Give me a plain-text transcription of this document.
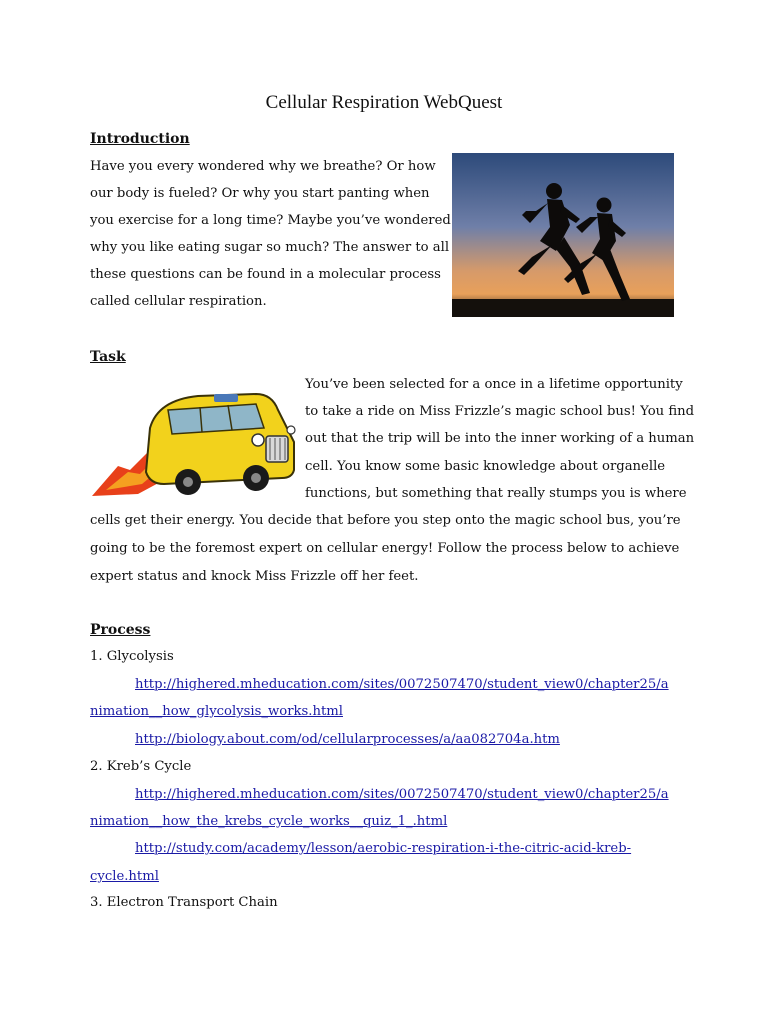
Cellular Respiration WebQuest
Introduction
Have you every wondered why we breathe? Or how
our body is fueled? Or why you start panting when
you exercise for a long time? Maybe you’ve wondered
why you like eating sugar so much? The answer to all
these questions can be found in a molecular process
called cellular respiration.
Task
You’ve been selected for a once in a lifetime opportunity
to take a ride on Miss Frizzle’s magic school bus! You find
out that the trip will be into the inner working of a human
cell. You know some basic knowledge about organelle
functions, but something that really stumps you is where
cells get their energy. You decide that before you step onto the magic school bus, you’re
going to be the foremost expert on cellular energy! Follow the process below to achieve
expert status and knock Miss Frizzle off her feet.
Process
1. Glycolysis
http://highered.mheducation.com/sites/0072507470/student_view0/chapter25/a
nimation__how_glycolysis_works.html
http://biology.about.com/od/cellularprocesses/a/aa082704a.htm
2. Kreb’s Cycle
http://highered.mheducation.com/sites/0072507470/student_view0/chapter25/a
nimation__how_the_krebs_cycle_works__quiz_1_.html
http://study.com/academy/lesson/aerobic-respiration-i-the-citric-acid-kreb-
cycle.html
3. Electron Transport Chain
